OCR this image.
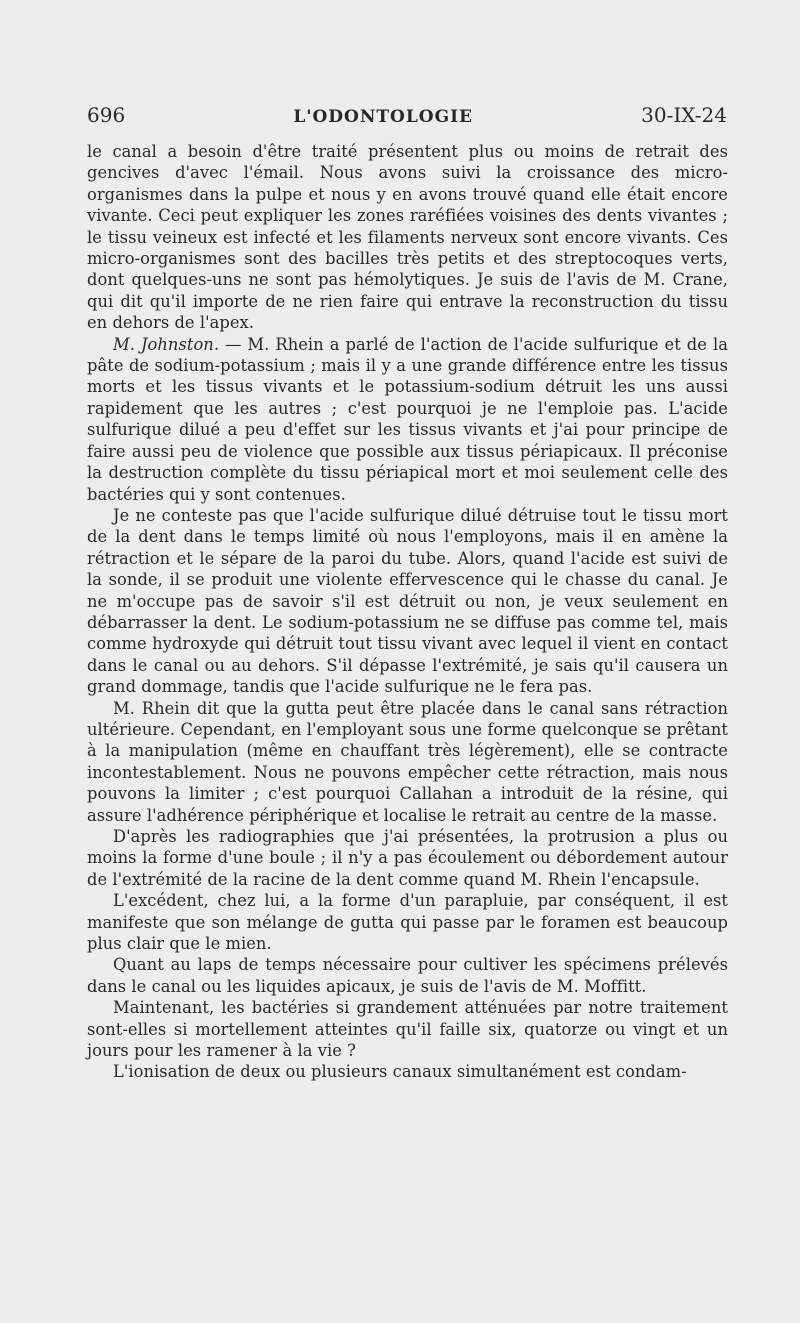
696	L'ODONTOLOGIE	30-IX-24

le canal a besoin d'être traité présentent plus ou moins de retrait des gencives d'avec l'émail. Nous avons suivi la croissance des micro-organismes dans la pulpe et nous y en avons trouvé quand elle était encore vivante. Ceci peut expliquer les zones raréfiées voisines des dents vivantes ; le tissu veineux est infecté et les filaments nerveux sont encore vivants. Ces micro-organismes sont des bacilles très petits et des streptocoques verts, dont quelques-uns ne sont pas hémolytiques. Je suis de l'avis de M. Crane, qui dit qu'il importe de ne rien faire qui entrave la reconstruction du tissu en dehors de l'apex.

M. Johnston. — M. Rhein a parlé de l'action de l'acide sulfurique et de la pâte de sodium-potassium ; mais il y a une grande différence entre les tissus morts et les tissus vivants et le potassium-sodium détruit les uns aussi rapidement que les autres ; c'est pourquoi je ne l'emploie pas. L'acide sulfurique dilué a peu d'effet sur les tissus vivants et j'ai pour principe de faire aussi peu de violence que possible aux tissus périapicaux. Il préconise la destruction complète du tissu périapical mort et moi seulement celle des bactéries qui y sont contenues.

Je ne conteste pas que l'acide sulfurique dilué détruise tout le tissu mort de la dent dans le temps limité où nous l'employons, mais il en amène la rétraction et le sépare de la paroi du tube. Alors, quand l'acide est suivi de la sonde, il se produit une violente effervescence qui le chasse du canal. Je ne m'occupe pas de savoir s'il est détruit ou non, je veux seulement en débarrasser la dent. Le sodium-potassium ne se diffuse pas comme tel, mais comme hydroxyde qui détruit tout tissu vivant avec lequel il vient en contact dans le canal ou au dehors. S'il dépasse l'extrémité, je sais qu'il causera un grand dommage, tandis que l'acide sulfurique ne le fera pas.

M. Rhein dit que la gutta peut être placée dans le canal sans rétraction ultérieure. Cependant, en l'employant sous une forme quelconque se prêtant à la manipulation (même en chauffant très légèrement), elle se contracte incontestablement. Nous ne pouvons empêcher cette rétraction, mais nous pouvons la limiter ; c'est pourquoi Callahan a introduit de la résine, qui assure l'adhérence périphérique et localise le retrait au centre de la masse.

D'après les radiographies que j'ai présentées, la protrusion a plus ou moins la forme d'une boule ; il n'y a pas écoulement ou débordement autour de l'extrémité de la racine de la dent comme quand M. Rhein l'encapsule.

L'excédent, chez lui, a la forme d'un parapluie, par conséquent, il est manifeste que son mélange de gutta qui passe par le foramen est beaucoup plus clair que le mien.

Quant au laps de temps nécessaire pour cultiver les spécimens prélevés dans le canal ou les liquides apicaux, je suis de l'avis de M. Moffitt.

Maintenant, les bactéries si grandement atténuées par notre traitement sont-elles si mortellement atteintes qu'il faille six, quatorze ou vingt et un jours pour les ramener à la vie ?

L'ionisation de deux ou plusieurs canaux simultanément est condam-
